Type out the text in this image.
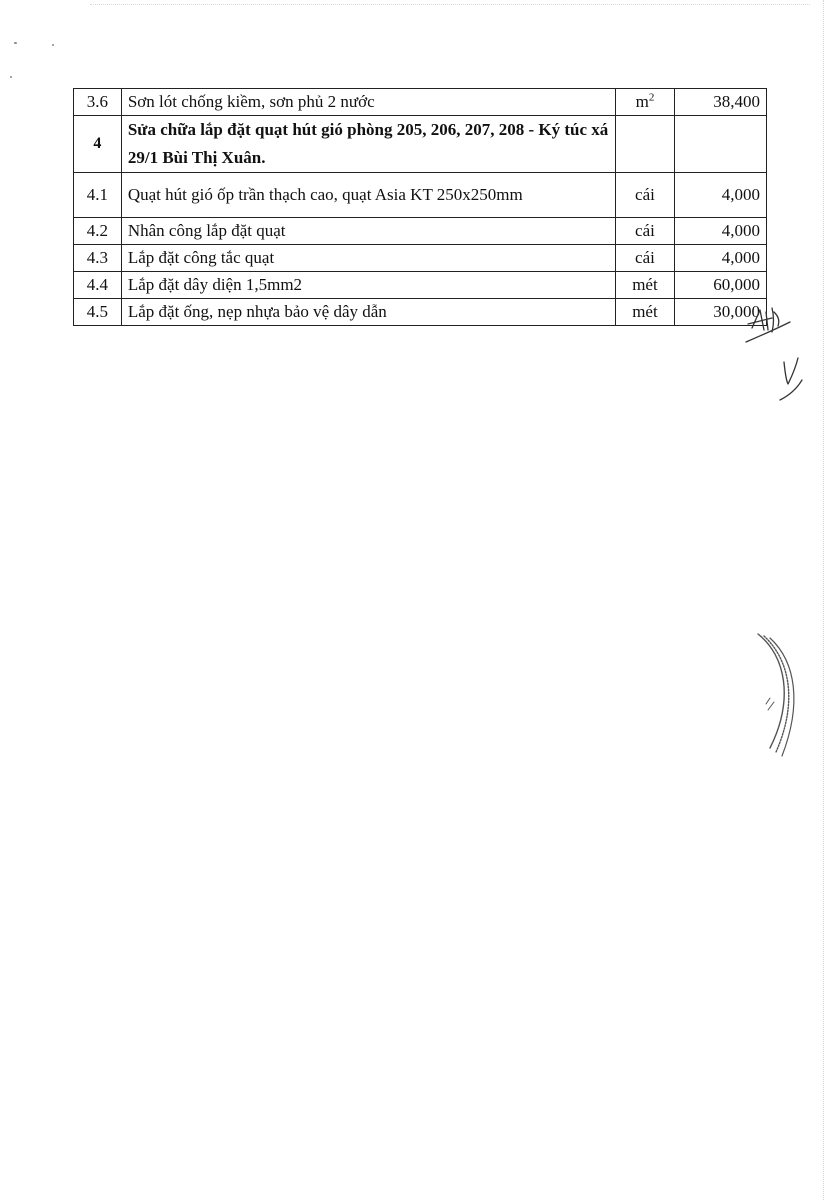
3.6	Sơn lót chống kiềm, sơn phủ 2 nước	$m^2$	38,400
4	Sửa chữa lắp đặt quạt hút gió phòng 205, 206, 207, 208 - Ký túc xá 29/1 Bùi Thị Xuân.		
4.1	Quạt hút gió ốp trần thạch cao, quạt Asia KT 250x250mm	cái	4,000
4.2	Nhân công lắp đặt quạt	cái	4,000
4.3	Lắp đặt công tắc quạt	cái	4,000
4.4	Lắp đặt dây diện 1,5mm2	mét	60,000
4.5	Lắp đặt ống, nẹp nhựa bảo vệ dây dẫn	mét	30,000
